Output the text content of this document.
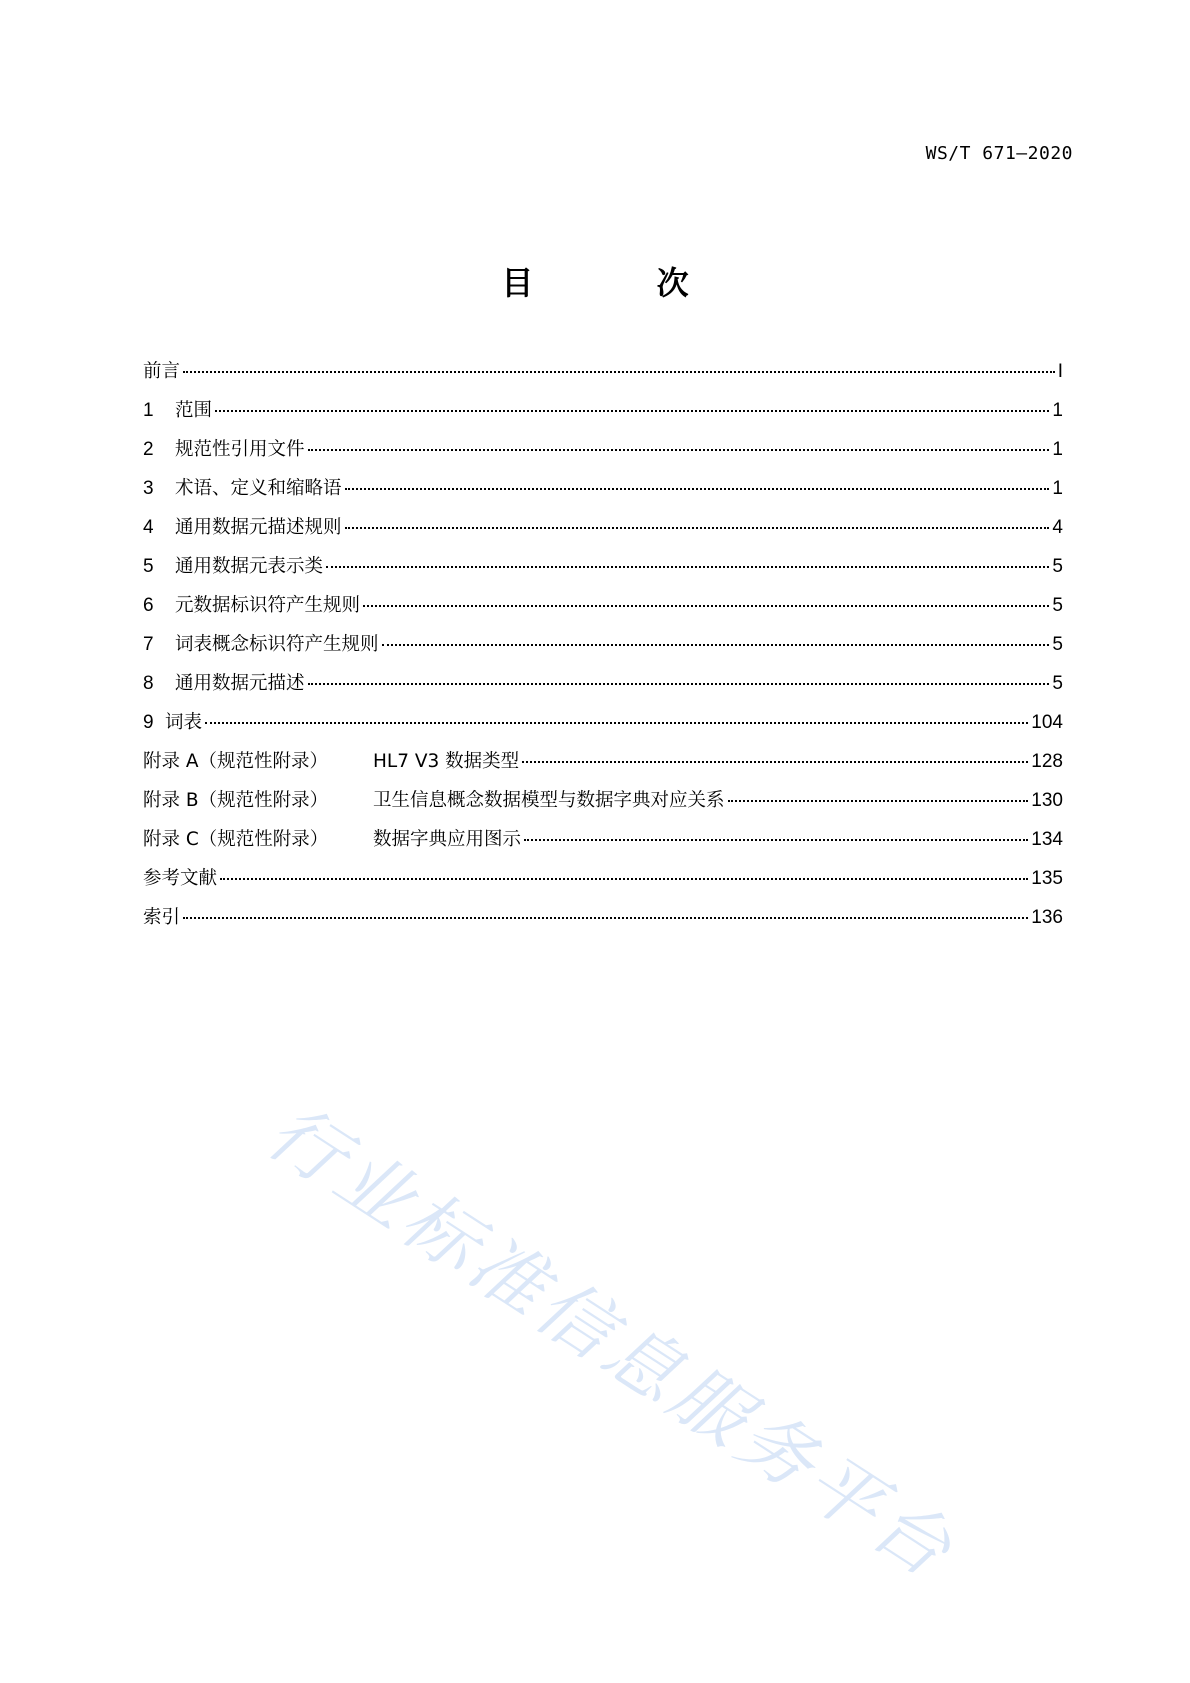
WS/T 671—2020
目 次
前言	I
1	范围	1
2	规范性引用文件	1
3	术语、定义和缩略语	1
4	通用数据元描述规则	4
5	通用数据元表示类	5
6	元数据标识符产生规则	5
7	词表概念标识符产生规则	5
8	通用数据元描述	5
9 词表	104
附录 A（规范性附录）	HL7 V3 数据类型	128
附录 B（规范性附录）	卫生信息概念数据模型与数据字典对应关系	130
附录 C（规范性附录）	数据字典应用图示	134
参考文献	135
索引	136
行业标准信息服务平台
